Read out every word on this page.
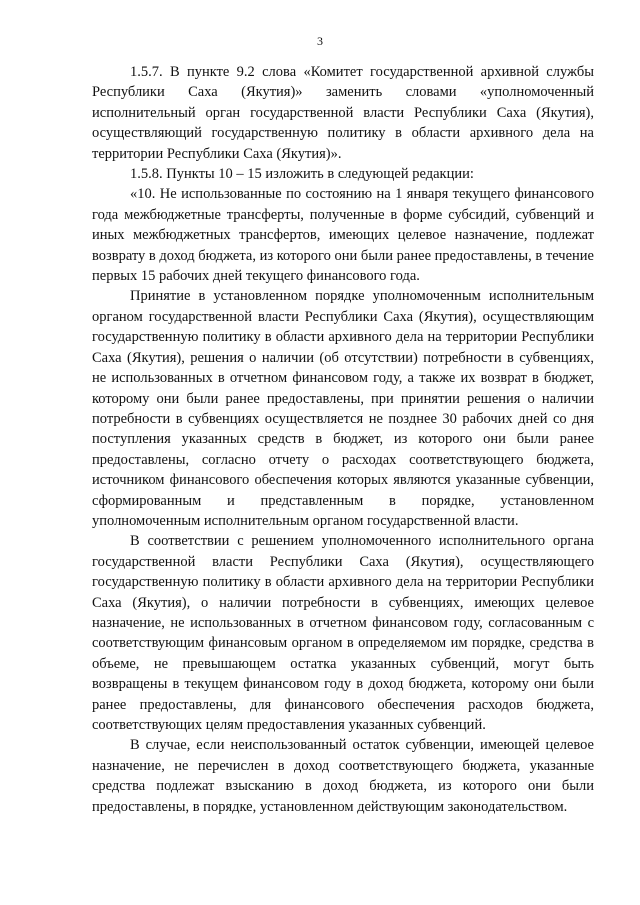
3

1.5.7. В пункте 9.2 слова «Комитет государственной архивной службы Республики Саха (Якутия)» заменить словами «уполномоченный исполнительный орган государственной власти Республики Саха (Якутия), осуществляющий государственную политику в области архивного дела на территории Республики Саха (Якутия)».

1.5.8. Пункты 10 – 15 изложить в следующей редакции:

«10. Не использованные по состоянию на 1 января текущего финансового года межбюджетные трансферты, полученные в форме субсидий, субвенций и иных межбюджетных трансфертов, имеющих целевое назначение, подлежат возврату в доход бюджета, из которого они были ранее предоставлены, в течение первых 15 рабочих дней текущего финансового года.

Принятие в установленном порядке уполномоченным исполнительным органом государственной власти Республики Саха (Якутия), осуществляющим государственную политику в области архивного дела на территории Республики Саха (Якутия), решения о наличии (об отсутствии) потребности в субвенциях, не использованных в отчетном финансовом году, а также их возврат в бюджет, которому они были ранее предоставлены, при принятии решения о наличии потребности в субвенциях осуществляется не позднее 30 рабочих дней со дня поступления указанных средств в бюджет, из которого они были ранее предоставлены, согласно отчету о расходах соответствующего бюджета, источником финансового обеспечения которых являются указанные субвенции, сформированным и представленным в порядке, установленном уполномоченным исполнительным органом государственной власти.

В соответствии с решением уполномоченного исполнительного органа государственной власти Республики Саха (Якутия), осуществляющего государственную политику в области архивного дела на территории Республики Саха (Якутия), о наличии потребности в субвенциях, имеющих целевое назначение, не использованных в отчетном финансовом году, согласованным с соответствующим финансовым органом в определяемом им порядке, средства в объеме, не превышающем остатка указанных субвенций, могут быть возвращены в текущем финансовом году в доход бюджета, которому они были ранее предоставлены, для финансового обеспечения расходов бюджета, соответствующих целям предоставления указанных субвенций.

В случае, если неиспользованный остаток субвенции, имеющей целевое назначение, не перечислен в доход соответствующего бюджета, указанные средства подлежат взысканию в доход бюджета, из которого они были предоставлены, в порядке, установленном действующим законодательством.
